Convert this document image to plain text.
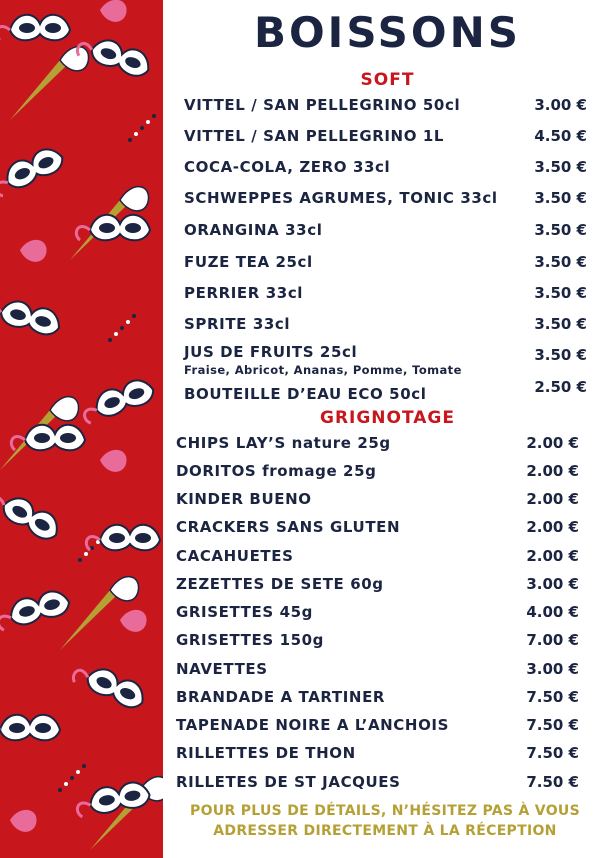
BOISSONS
SOFT
VITTEL / SAN PELLEGRINO 50cl	3.00 €
VITTEL / SAN PELLEGRINO 1L	4.50 €
COCA-COLA, ZERO 33cl	3.50 €
SCHWEPPES AGRUMES, TONIC 33cl 3.50 €
ORANGINA 33cl	3.50 €
FUZE TEA 25cl	3.50 €
PERRIER 33cl	3.50 €
SPRITE 33cl	3.50 €
JUS DE FRUITS 25cl	3.50 €
Fraise, Abricot, Ananas, Pomme, Tomate
BOUTEILLE D’EAU ECO 50cl	2.50 €
GRIGNOTAGE
CHIPS LAY’S nature 25g	2.00 €
DORITOS fromage 25g	2.00 €
KINDER BUENO	2.00 €
CRACKERS SANS GLUTEN	2.00 €
CACAHUETES	2.00 €
ZEZETTES DE SETE 60g	3.00 €
GRISETTES 45g	4.00 €
GRISETTES 150g	7.00 €
NAVETTES	3.00 €
BRANDADE A TARTINER	7.50 €
TAPENADE NOIRE A L’ANCHOIS	7.50 €
RILLETTES DE THON	7.50 €
RILLETES DE ST JACQUES	7.50 €
POUR PLUS DE DÉTAILS, N’HÉSITEZ PAS À VOUS
ADRESSER DIRECTEMENT À LA RÉCEPTION
